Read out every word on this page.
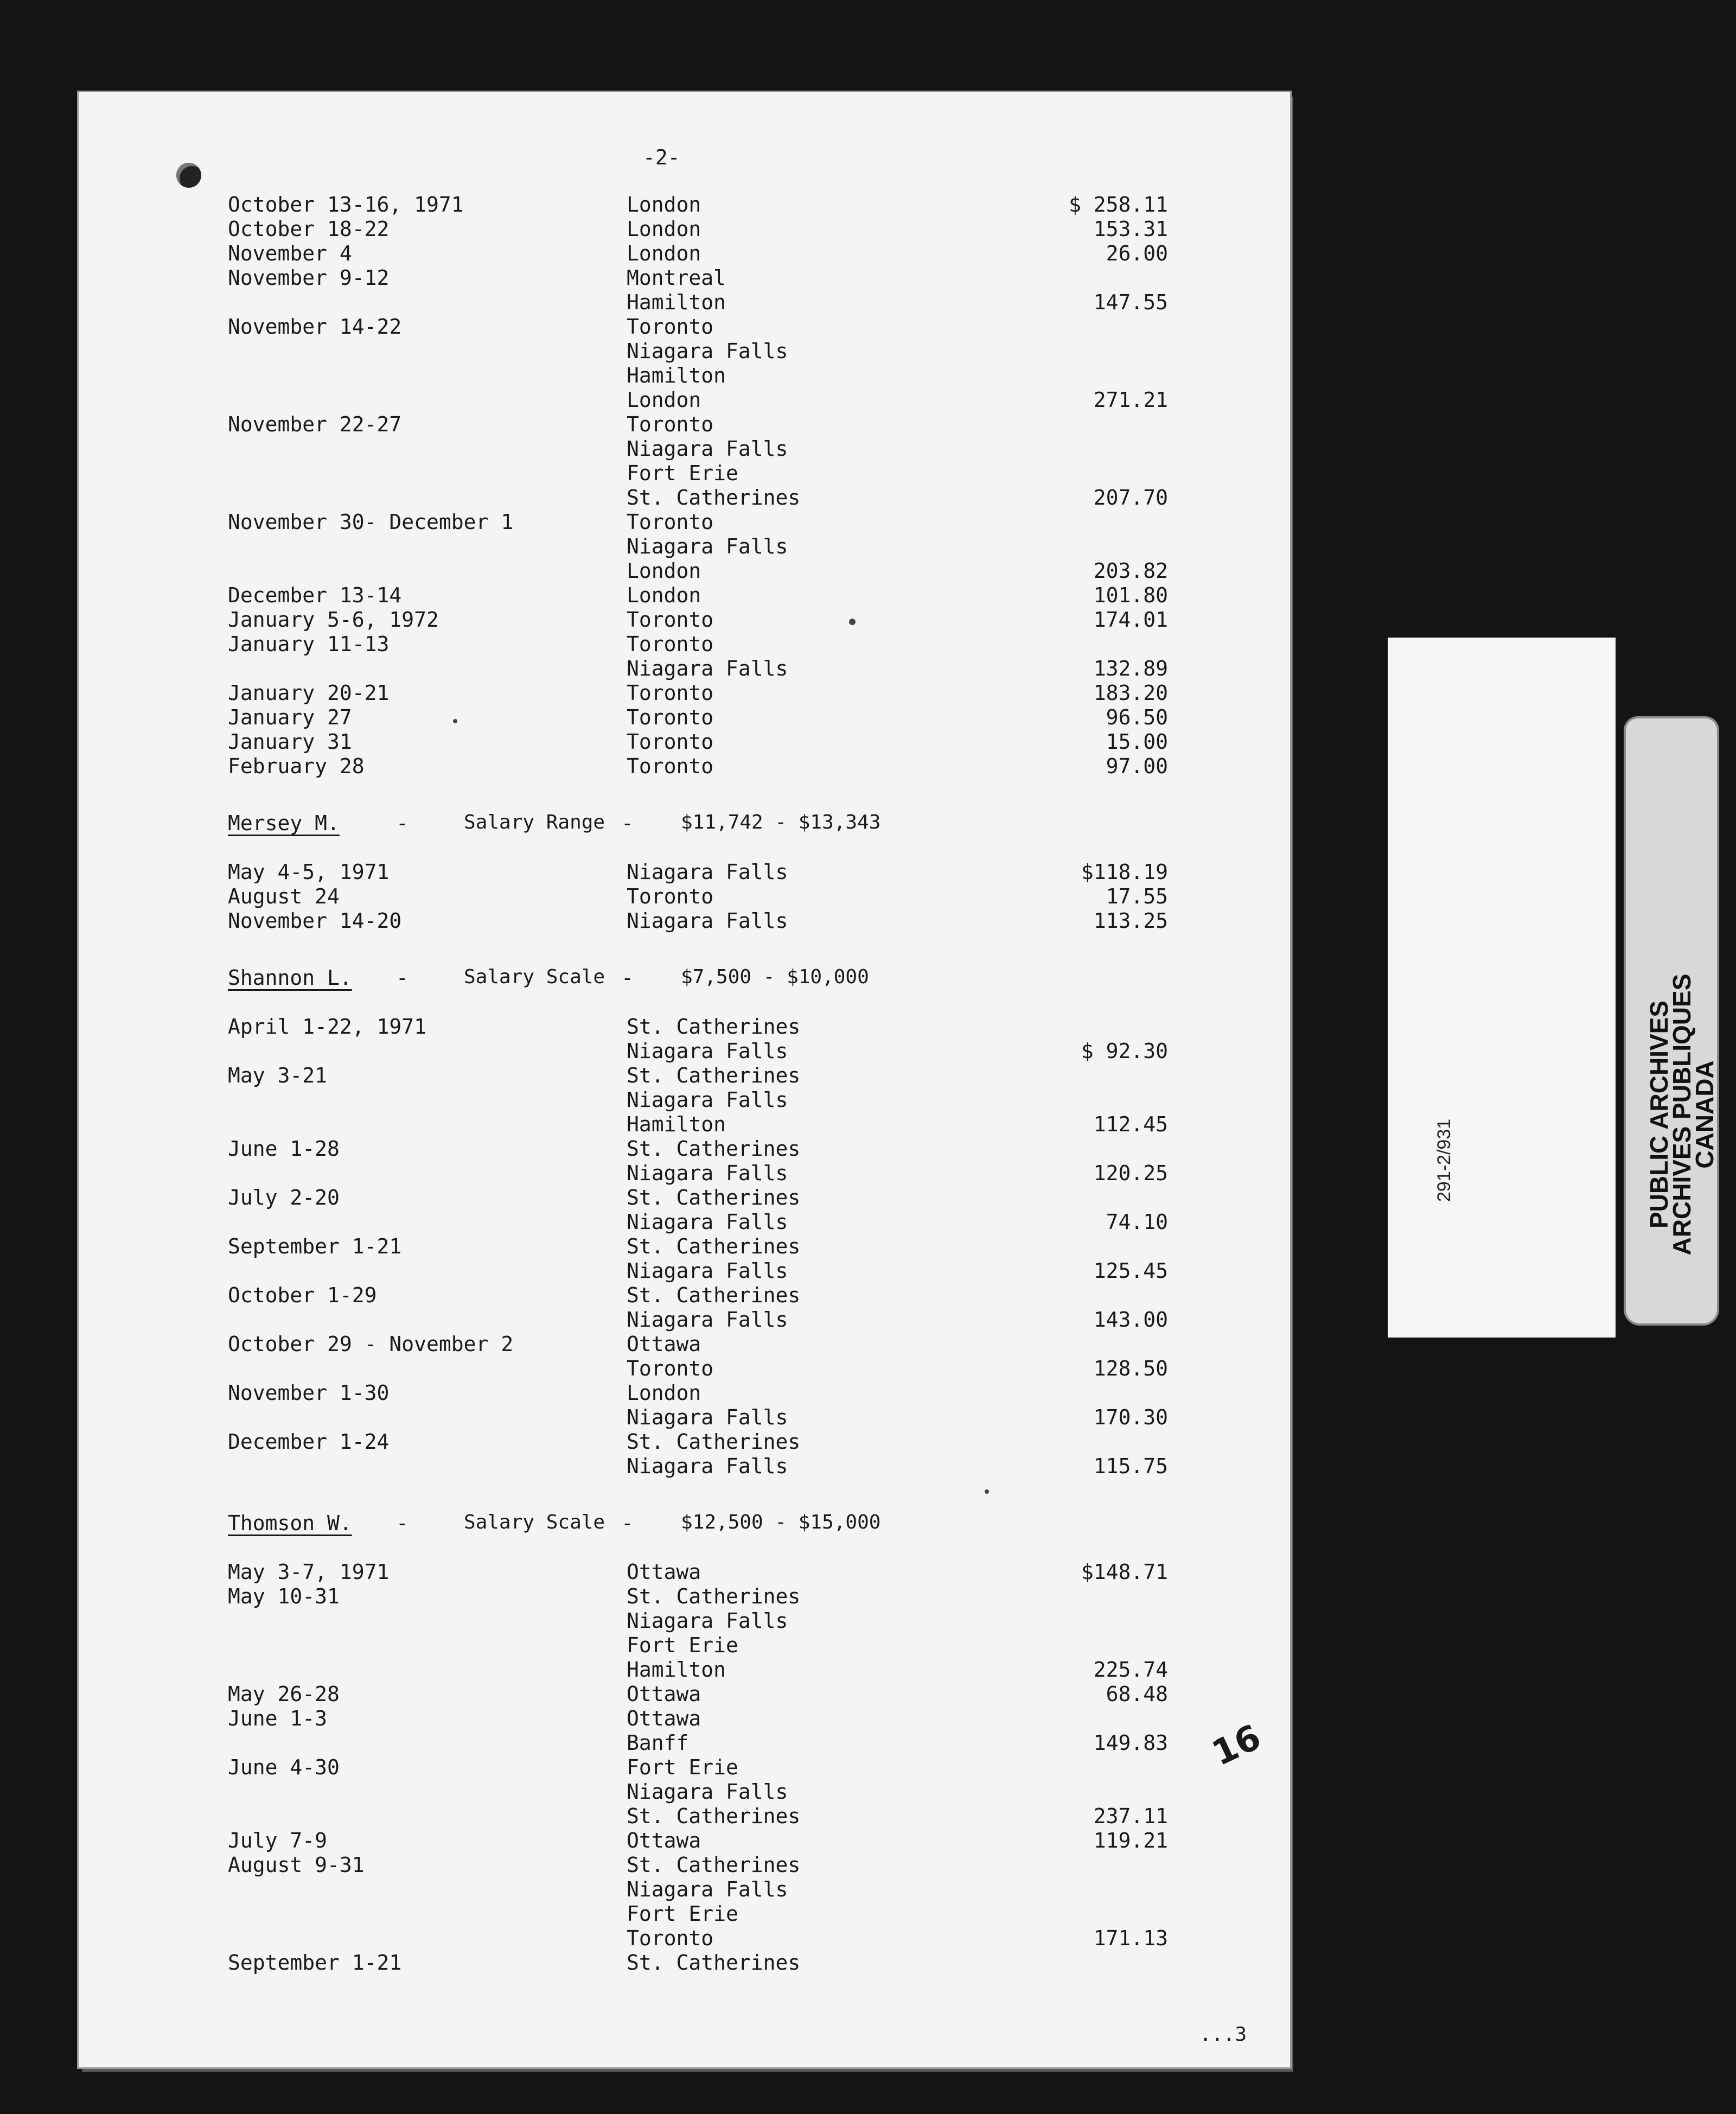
-2-
October 13-16, 1971	London	$ 258.11
October 18-22	London	153.31
November 4	London	26.00
November 9-12	Montreal
Hamilton	147.55
November 14-22	Toronto
Niagara Falls
Hamilton
London	271.21
November 22-27	Toronto
Niagara Falls
Fort Erie
St. Catherines	207.70
November 30- December 1	Toronto
Niagara Falls
London	203.82
December 13-14	London	101.80
January 5-6, 1972	Toronto	174.01
January 11-13	Toronto
Niagara Falls	132.89
January 20-21	Toronto	183.20
January 27	Toronto	96.50
January 31	Toronto	15.00
February 28	Toronto	97.00
Mersey M.	-	Salary Range - $11,742 - $13,343
May 4-5, 1971	Niagara Falls	$118.19
August 24	Toronto	17.55
November 14-20	Niagara Falls	113.25
Shannon L. -	Salary Scale - $7,500 - $10,000
April 1-22, 1971	St. Catherines
Niagara Falls	$ 92.30
May 3-21	St. Catherines
Niagara Falls
Hamilton	112.45
June 1-28	St. Catherines
Niagara Falls	120.25
July 2-20	St. Catherines
Niagara Falls	74.10
September 1-21	St. Catherines
Niagara Falls	125.45
October 1-29	St. Catherines
Niagara Falls	143.00
October 29 - November 2	Ottawa
Toronto	128.50
November 1-30	London
Niagara Falls	170.30
December 1-24	St. Catherines
Niagara Falls	115.75
Thomson W. -	Salary Scale - $12,500 - $15,000
May 3-7, 1971	Ottawa	$148.71
May 10-31	St. Catherines
Niagara Falls
Fort Erie
Hamilton	225.74
May 26-28	Ottawa	68.48
June 1-3	Ottawa
Banff	149.83
June 4-30	Fort Erie
Niagara Falls
St. Catherines	237.11
July 7-9	Ottawa	119.21
August 9-31	St. Catherines
Niagara Falls
Fort Erie
Toronto	171.13
September 1-21	St. Catherines
16
...3
291-2/931	PUBLIC ARCHIVES
ARCHIVES PUBLIQUES
CANADA
